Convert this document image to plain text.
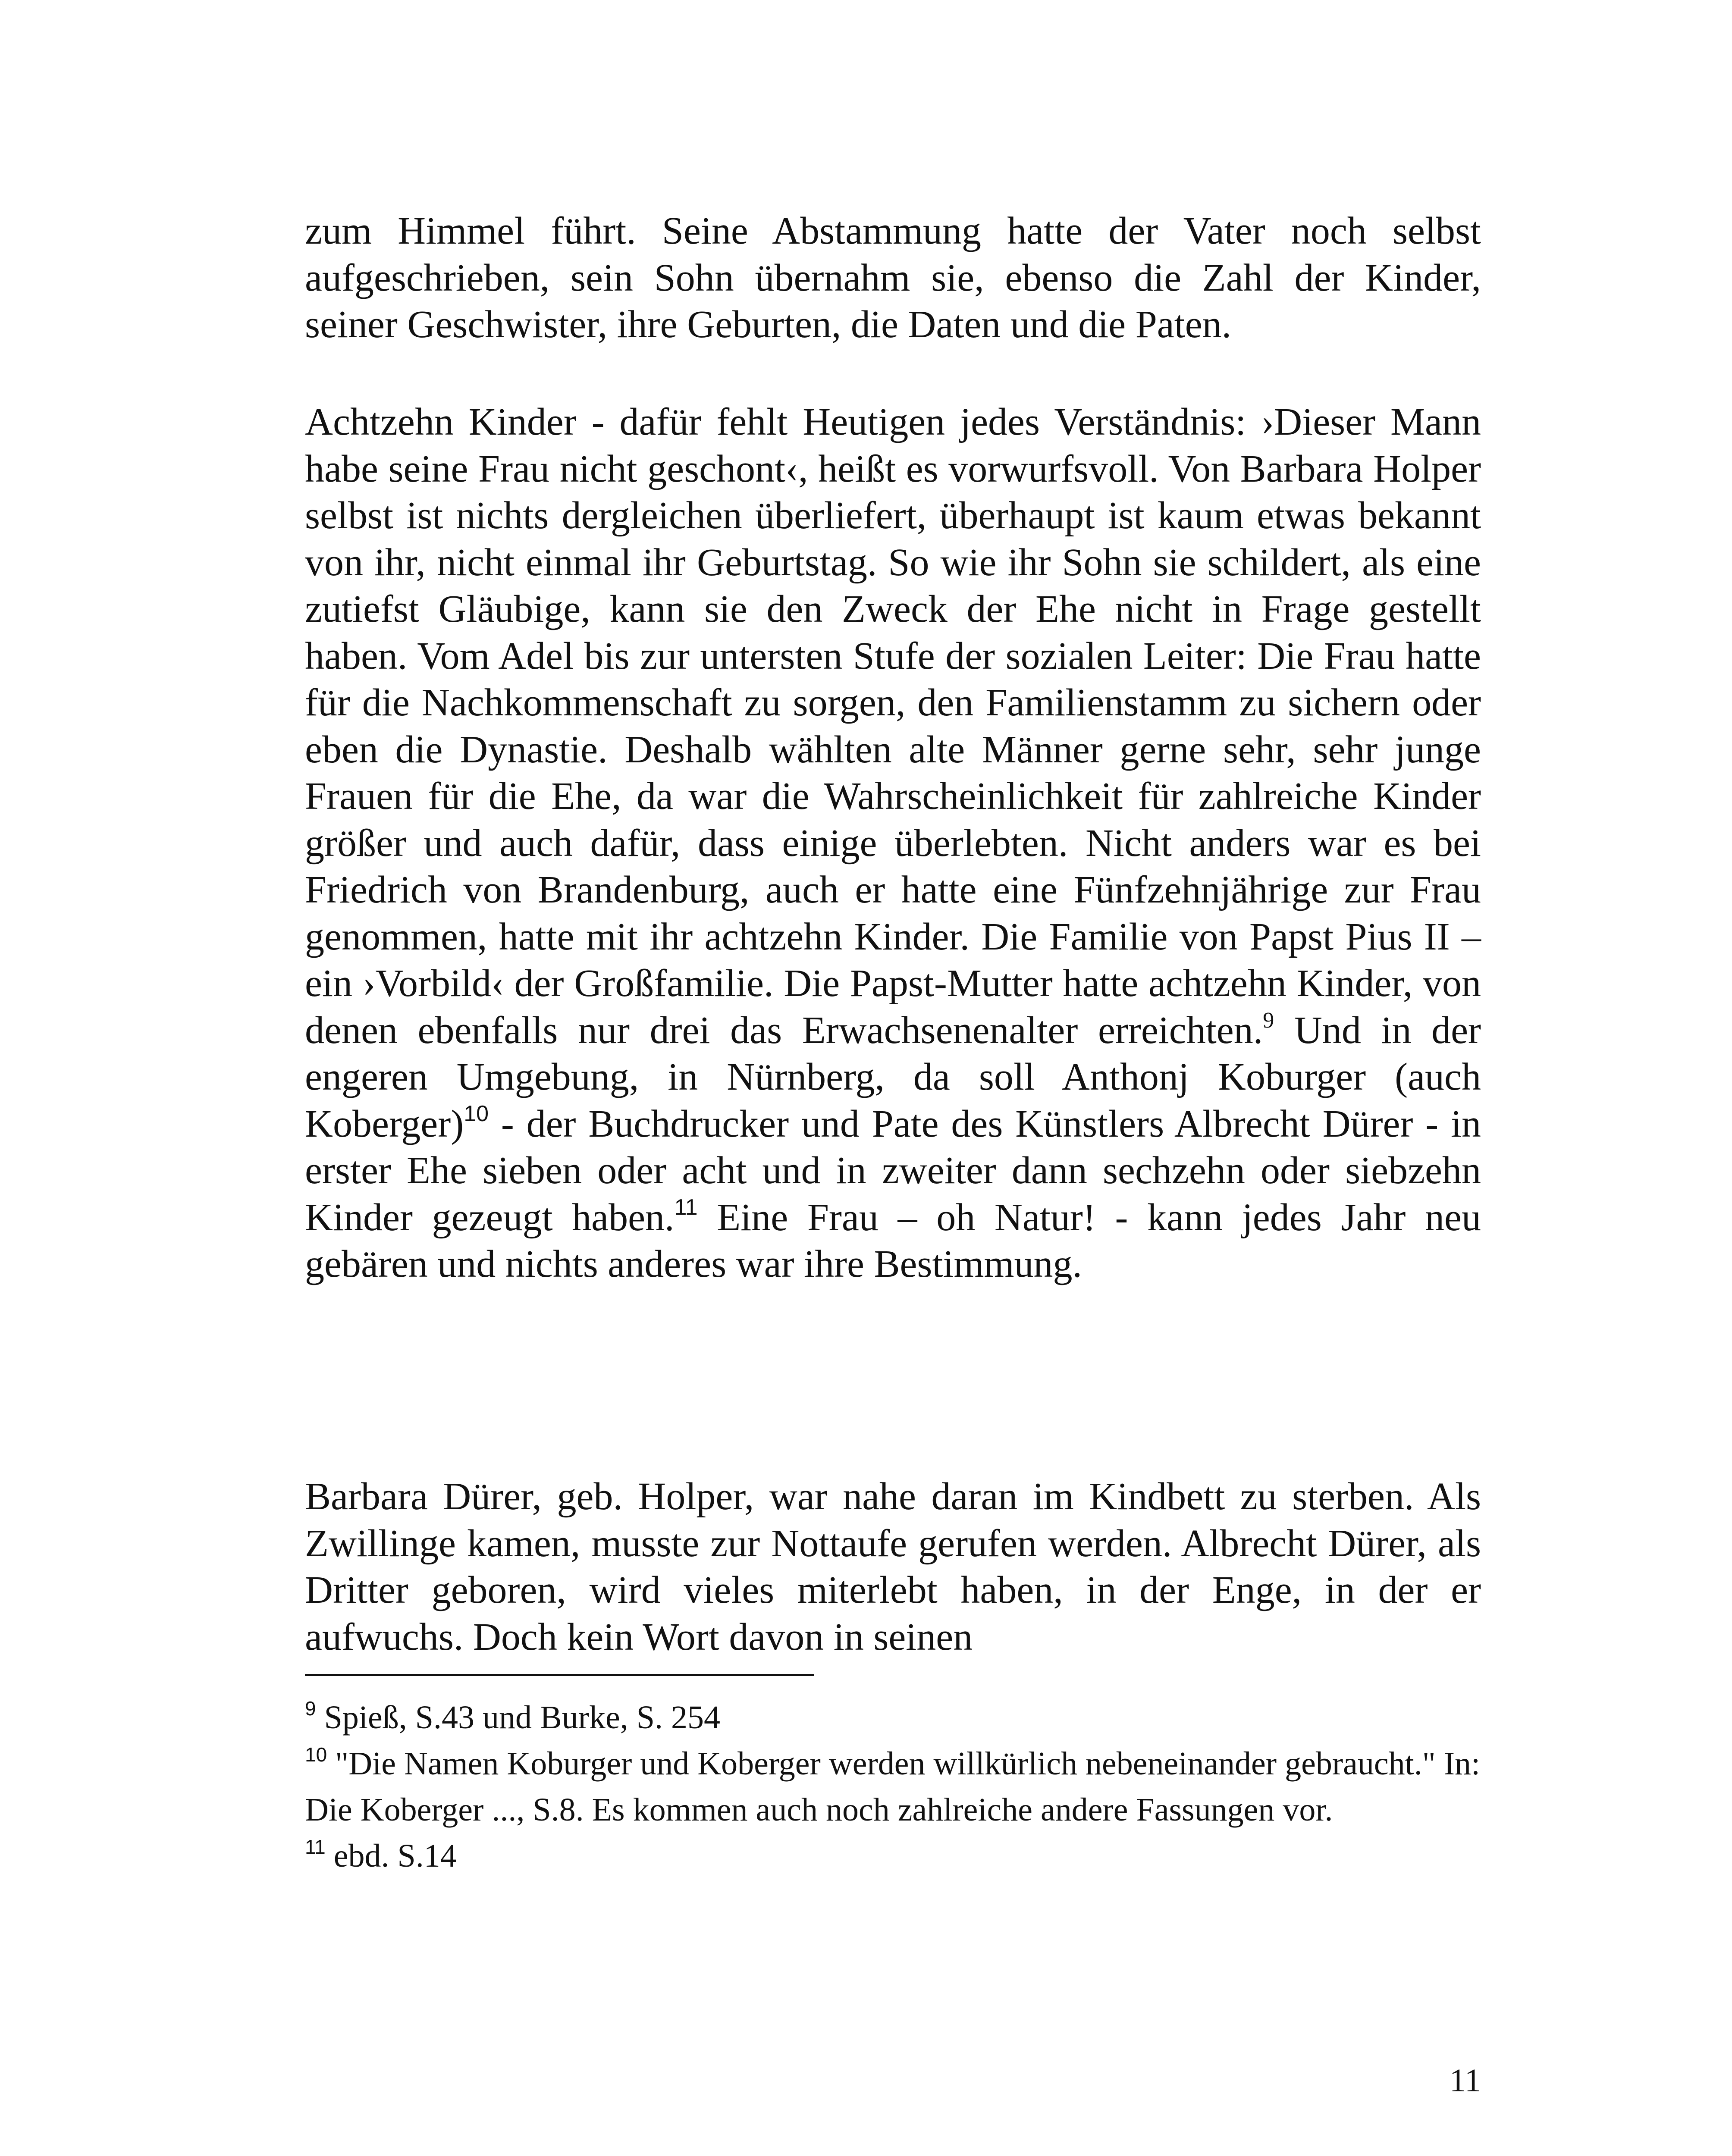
zum Himmel führt. Seine Abstammung hatte der Vater noch selbst aufgeschrieben, sein Sohn übernahm sie, ebenso die Zahl der Kinder, seiner Geschwister, ihre Geburten, die Daten und die Paten.

Achtzehn Kinder - dafür fehlt Heutigen jedes Verständnis: ›Dieser Mann habe seine Frau nicht geschont‹, heißt es vorwurfsvoll. Von Barbara Holper selbst ist nichts dergleichen überliefert, überhaupt ist kaum etwas bekannt von ihr, nicht einmal ihr Geburtstag. So wie ihr Sohn sie schildert, als eine zutiefst Gläubige, kann sie den Zweck der Ehe nicht in Frage gestellt haben. Vom Adel bis zur untersten Stufe der sozialen Leiter: Die Frau hatte für die Nachkommenschaft zu sorgen, den Familienstamm zu sichern oder eben die Dynastie. Deshalb wählten alte Männer gerne sehr, sehr junge Frauen für die Ehe, da war die Wahrscheinlichkeit für zahlreiche Kinder größer und auch dafür, dass einige überlebten. Nicht anders war es bei Friedrich von Brandenburg, auch er hatte eine Fünfzehnjährige zur Frau genommen, hatte mit ihr achtzehn Kinder. Die Familie von Papst Pius II – ein ›Vorbild‹ der Großfamilie. Die Papst-Mutter hatte achtzehn Kinder, von denen ebenfalls nur drei das Erwachsenenalter erreichten.$^9$ Und in der engeren Umgebung, in Nürnberg, da soll Anthonj Koburger (auch Koberger)$^{10}$ - der Buchdrucker und Pate des Künstlers Albrecht Dürer - in erster Ehe sieben oder acht und in zweiter dann sechzehn oder siebzehn Kinder gezeugt haben.$^{11}$ Eine Frau – oh Natur! - kann jedes Jahr neu gebären und nichts anderes war ihre Bestimmung.

Barbara Dürer, geb. Holper, war nahe daran im Kindbett zu sterben. Als Zwillinge kamen, musste zur Nottaufe gerufen werden. Albrecht Dürer, als Dritter geboren, wird vieles miterlebt haben, in der Enge, in der er aufwuchs. Doch kein Wort davon in seinen

$^9$ Spieß, S.43 und Burke, S. 254

$^{10}$ "Die Namen Koburger und Koberger werden willkürlich nebeneinander gebraucht." In: Die Koberger ..., S.8. Es kommen auch noch zahlreiche andere Fassungen vor.

$^{11}$ ebd. S.14

11
